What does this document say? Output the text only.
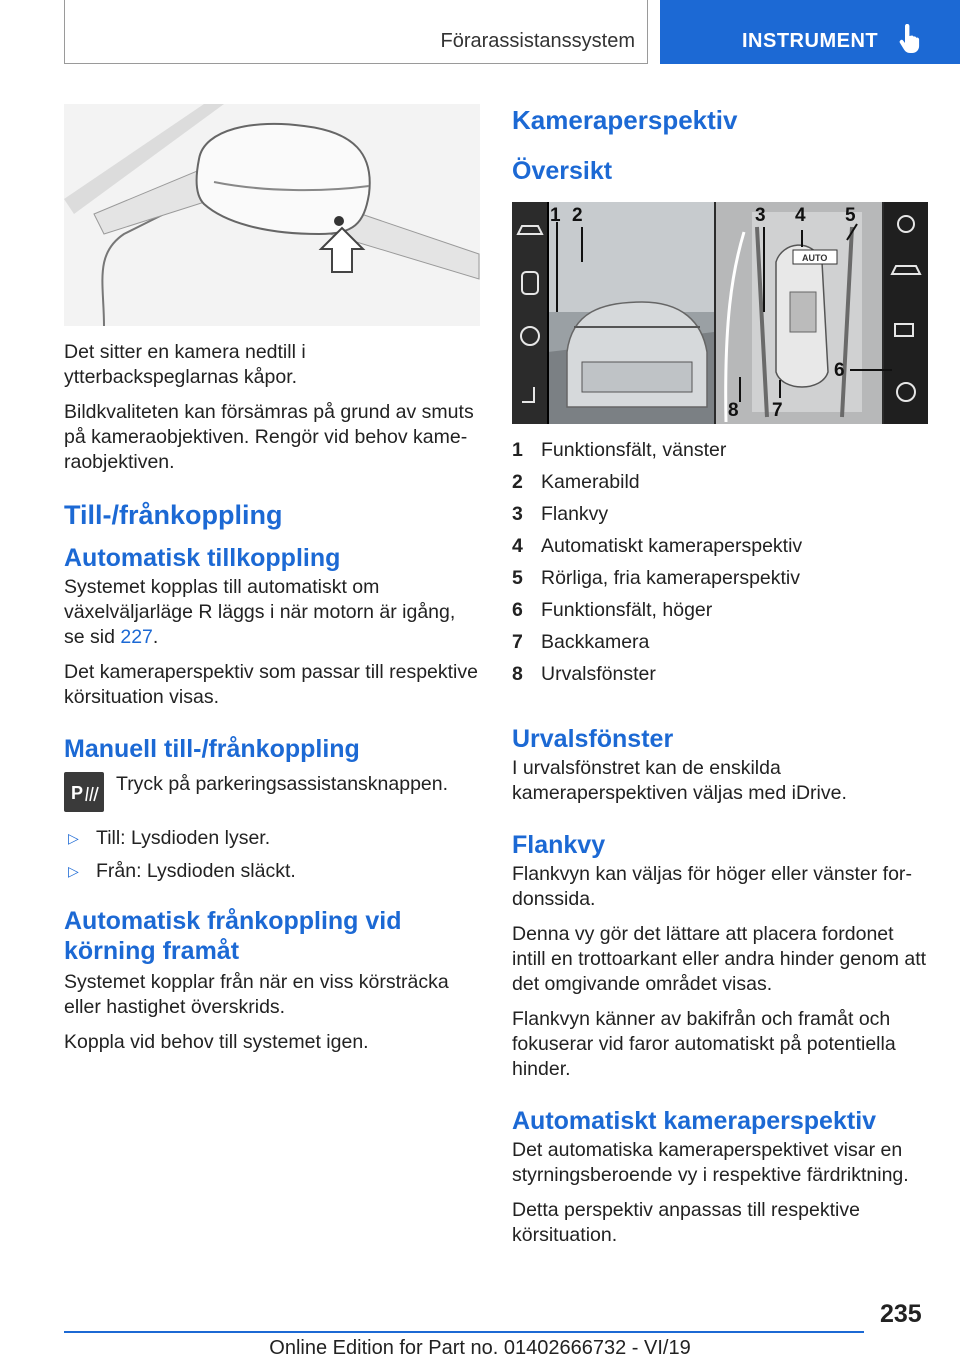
Förarassistanssystem	INSTRUMENT

Det sitter en kamera nedtill i ytterbackspeglarnas kåpor.

Bildkvaliteten kan försämras på grund av smuts på kameraobjektiven. Rengör vid behov kameraobjektiven.

Till-/frånkoppling
Automatisk tillkoppling

Systemet kopplas till automatiskt om växelväljarläge R läggs i när motorn är igång, se sid 227.

Det kameraperspektiv som passar till respektive körsituation visas.

Manuell till-/frånkoppling
P Tryck på parkeringsassistansknappen.

▷ Till: Lysdioden lyser.
▷ Från: Lysdioden släckt.
Automatisk frånkoppling vid körning framåt

Systemet kopplar från när en viss körsträcka eller hastighet överskrids.

Koppla vid behov till systemet igen.

Kameraperspektiv
Översikt
AUTO
1 2	3 4 5
6
7
8
1 Funktionsfält, vänster
2 Kamerabild
3 Flankvy
4 Automatiskt kameraperspektiv
5 Rörliga, fria kameraperspektiv
6 Funktionsfält, höger
7 Backkamera
8 Urvalsfönster
Urvalsfönster

I urvalsfönstret kan de enskilda kameraperspektiven väljas med iDrive.

Flankvy

Flankvyn kan väljas för höger eller vänster fordonssida.

Denna vy gör det lättare att placera fordonet intill en trottoarkant eller andra hinder genom att det omgivande området visas.

Flankvyn känner av bakifrån och framåt och fokuserar vid faror automatiskt på potentiella hinder.

Automatiskt kameraperspektiv

Det automatiska kameraperspektivet visar en styrningsberoende vy i respektive färdriktning.

Detta perspektiv anpassas till respektive körsituation.

235
Online Edition for Part no. 01402666732 - VI/19
